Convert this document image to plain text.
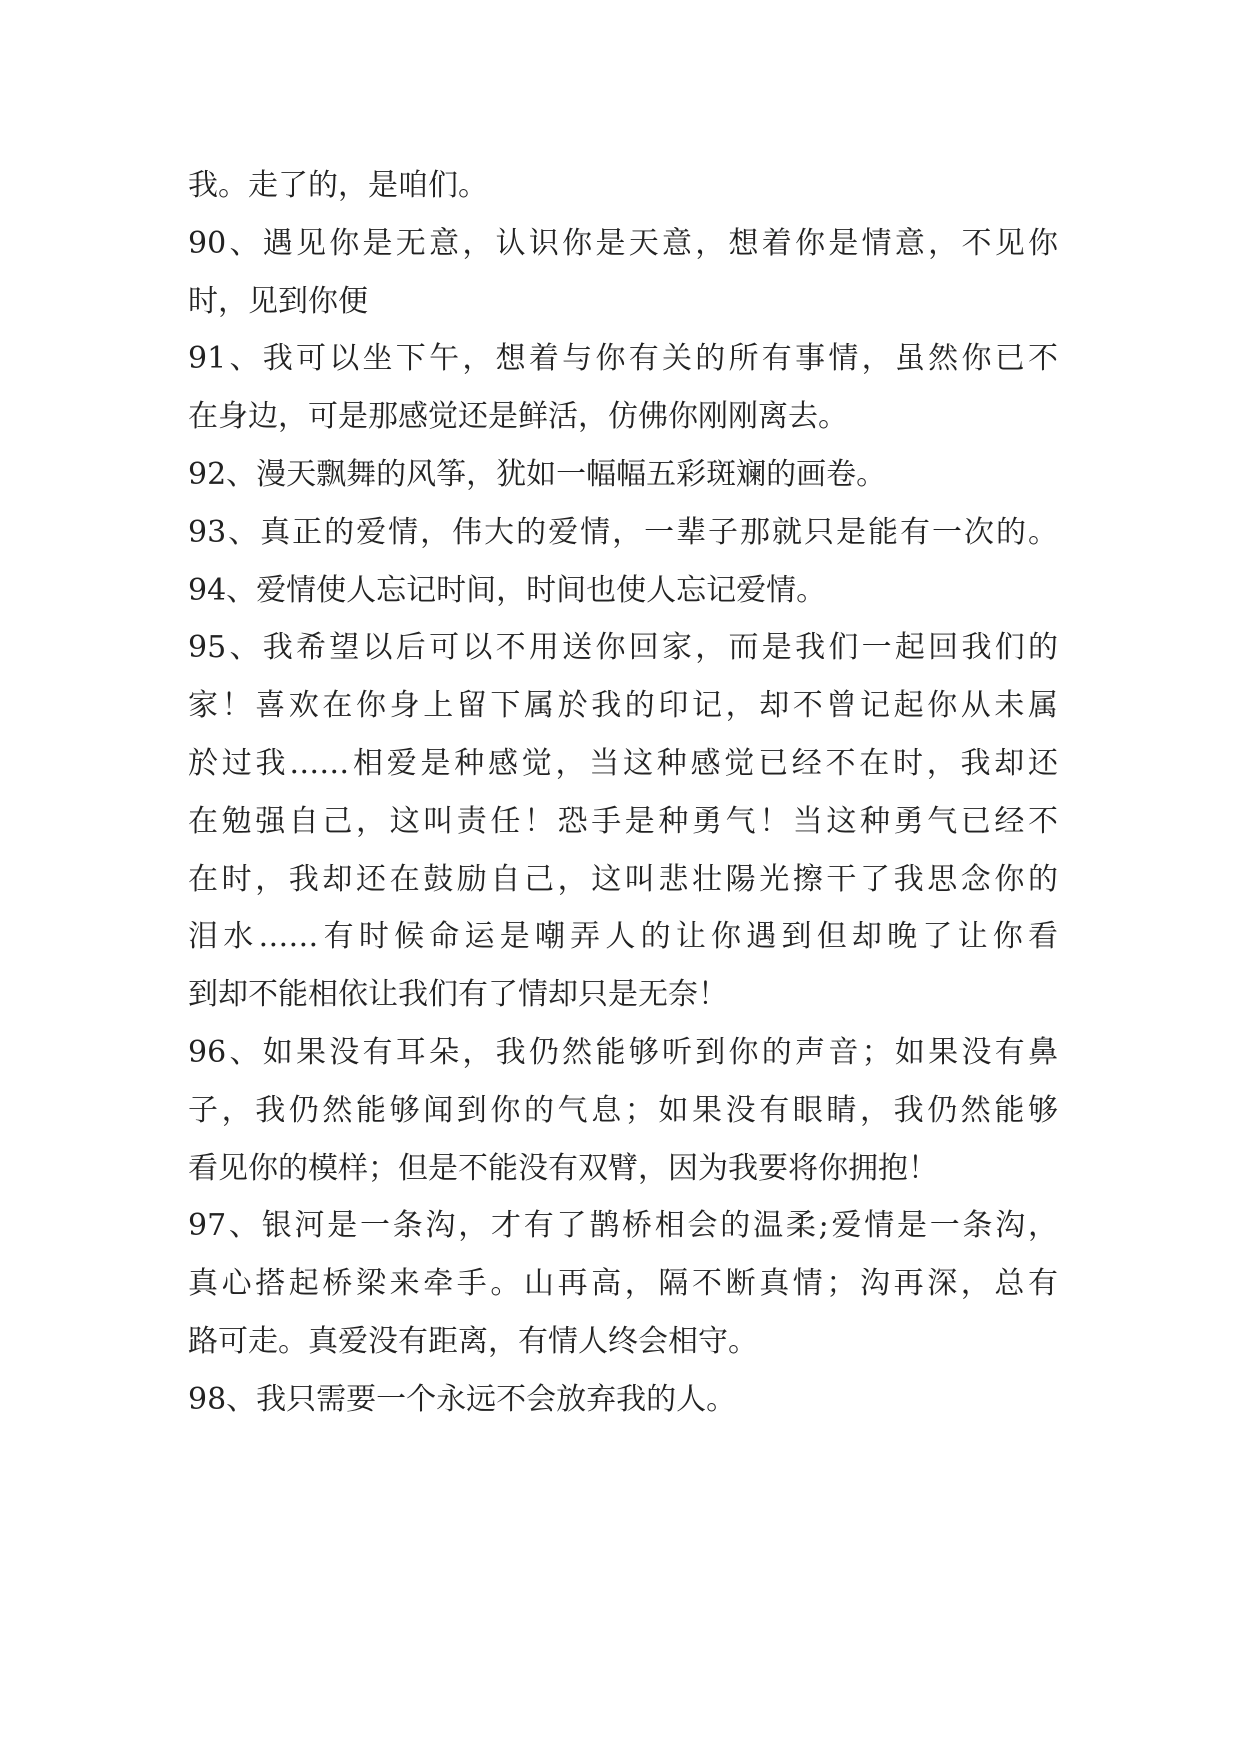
我。走了的，是咱们。
90、遇见你是无意，认识你是天意，想着你是情意，不见你
时，见到你便
91、我可以坐下午，想着与你有关的所有事情，虽然你已不
在身边，可是那感觉还是鲜活，仿佛你刚刚离去。
92、漫天飘舞的风筝，犹如一幅幅五彩斑斓的画卷。
93、真正的爱情，伟大的爱情，一辈子那就只是能有一次的。
94、爱情使人忘记时间，时间也使人忘记爱情。
95、我希望以后可以不用送你回家，而是我们一起回我们的
家！喜欢在你身上留下属於我的印记，却不曾记起你从未属
於过我……相爱是种感觉，当这种感觉已经不在时，我却还
在勉强自己，这叫责任！恐手是种勇气！当这种勇气已经不
在时，我却还在鼓励自己，这叫悲壮陽光擦干了我思念你的
泪水……有时候命运是嘲弄人的让你遇到但却晚了让你看
到却不能相依让我们有了情却只是无奈！
96、如果没有耳朵，我仍然能够听到你的声音；如果没有鼻
子，我仍然能够闻到你的气息；如果没有眼睛，我仍然能够
看见你的模样；但是不能没有双臂，因为我要将你拥抱！
97、银河是一条沟，才有了鹊桥相会的温柔;爱情是一条沟，
真心搭起桥梁来牵手。山再高，隔不断真情；沟再深，总有
路可走。真爱没有距离，有情人终会相守。
98、我只需要一个永远不会放弃我的人。
